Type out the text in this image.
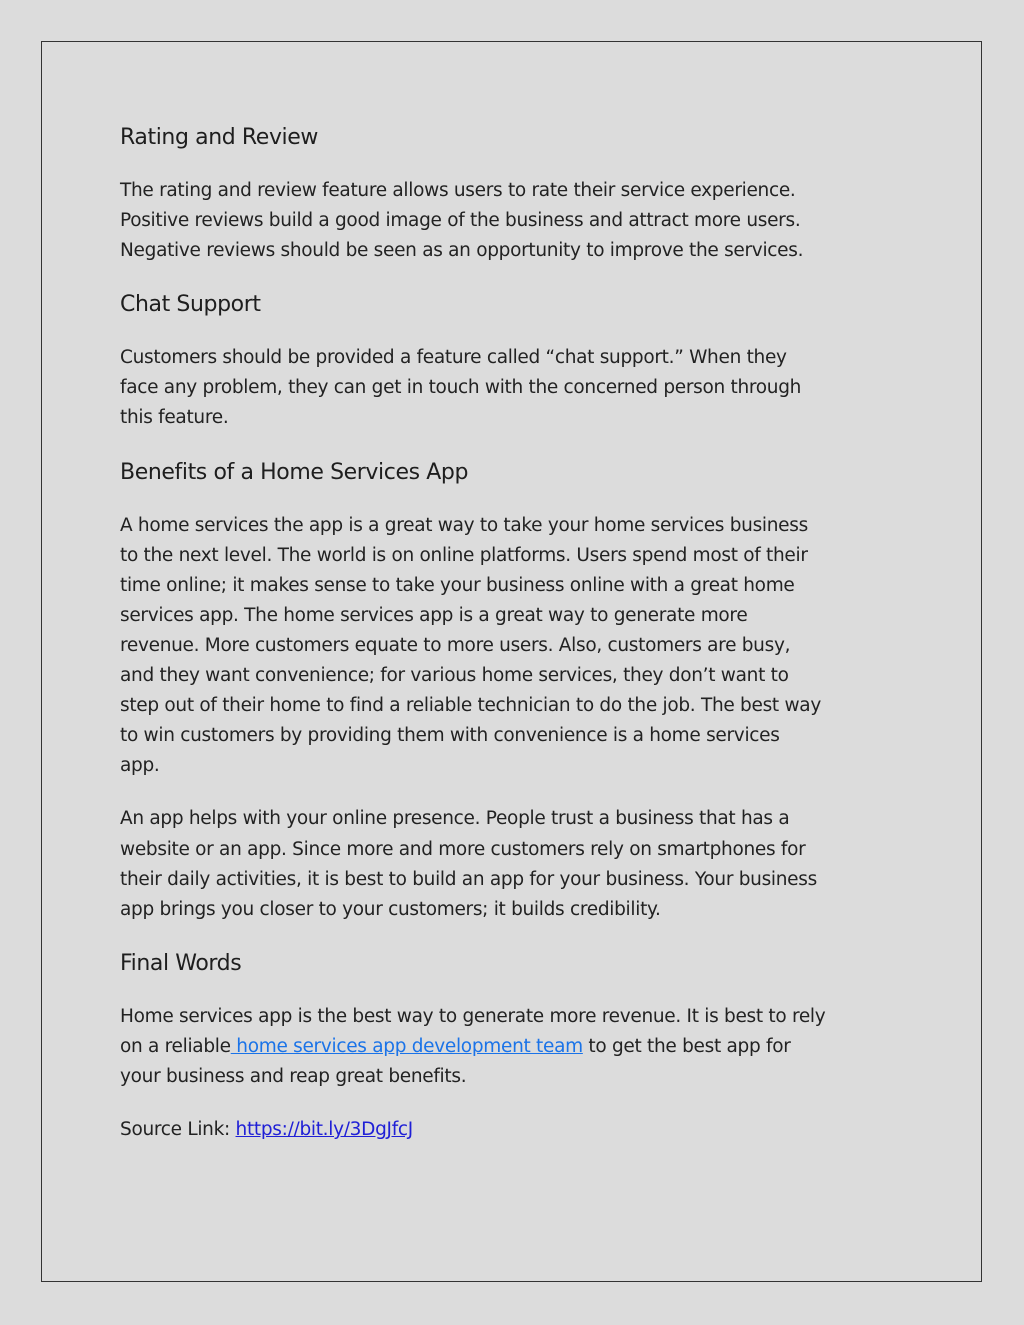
Rating and Review

The rating and review feature allows users to rate their service experience.
Positive reviews build a good image of the business and attract more users.
Negative reviews should be seen as an opportunity to improve the services.

Chat Support

Customers should be provided a feature called “chat support.” When they
face any problem, they can get in touch with the concerned person through
this feature.

Benefits of a Home Services App

A home services the app is a great way to take your home services business
to the next level. The world is on online platforms. Users spend most of their
time online; it makes sense to take your business online with a great home
services app. The home services app is a great way to generate more
revenue. More customers equate to more users. Also, customers are busy,
and they want convenience; for various home services, they don’t want to
step out of their home to find a reliable technician to do the job. The best way
to win customers by providing them with convenience is a home services
app.

An app helps with your online presence. People trust a business that has a
website or an app. Since more and more customers rely on smartphones for
their daily activities, it is best to build an app for your business. Your business
app brings you closer to your customers; it builds credibility.

Final Words

Home services app is the best way to generate more revenue. It is best to rely
on a reliable home services app development team to get the best app for
your business and reap great benefits.

Source Link: https://bit.ly/3DgJfcJ
